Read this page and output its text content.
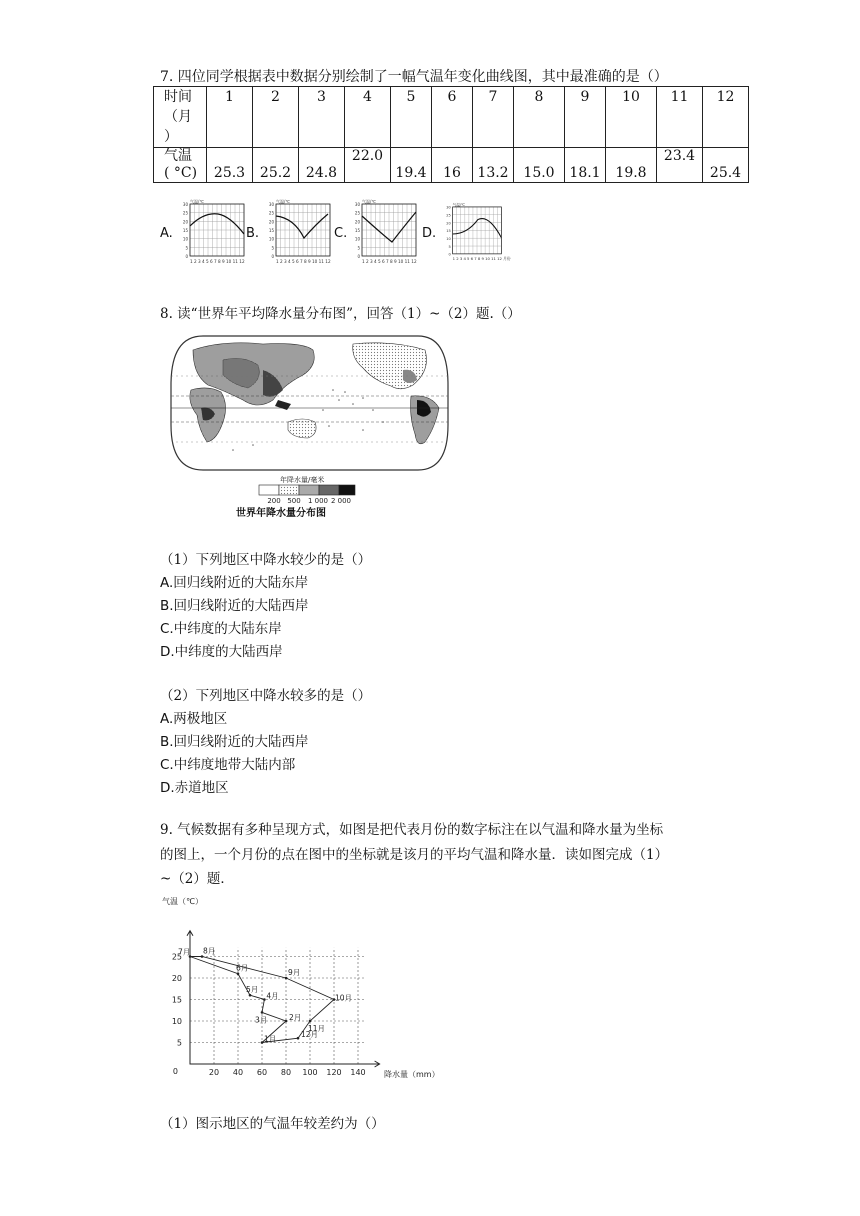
7. 四位同学根据表中数据分别绘制了一幅气温年变化曲线图，其中最准确的是（）
时间
（月
）	1	2	3	4	5	6	7	8	9	10	11	12

气温
( °C)	25.3	25.2	24.8	22.0	19.4	16	13.2	15.0	18.1	19.8	23.4	25.4
A.	B.	C.	D.
30
25
20
15
10
5
0
气温/℃
1 2 3 4 5 6 7 8 9 10 11 12
30
25
20
15
10
5
0
气温/℃
1 2 3 4 5 6 7 8 9 10 11 12
30
25
20
15
10
5
0
气温/℃
1 2 3 4 5 6 7 8 9 10 11 12
30
25
20
15
10
5
0
气温/℃
1 2 3 4 5 6 7 8 9 10 11 12 月份
8. 读“世界年平均降水量分布图”，回答（1）~（2）题.（）
年降水量/毫米
200 500 1 000 2 000
世界年降水量分布图
（1）下列地区中降水较少的是（）
A.回归线附近的大陆东岸
B.回归线附近的大陆西岸
C.中纬度的大陆东岸
D.中纬度的大陆西岸
（2）下列地区中降水较多的是（）
A.两极地区
B.回归线附近的大陆西岸
C.中纬度地带大陆内部
D.赤道地区
9. 气候数据有多种呈现方式，如图是把代表月份的数字标注在以气温和降水量为坐标
的图上，一个月份的点在图中的坐标就是该月的平均气温和降水量．读如图完成（1）
~（2）题．
20 40 60 80 100 120 140
0
5
10
15
20
25
1月
2月
3月
4月
5月
6月
7月 8月
9月
10月
11月
12月
气温（℃）
降水量（mm）
（1）图示地区的气温年较差约为（）
